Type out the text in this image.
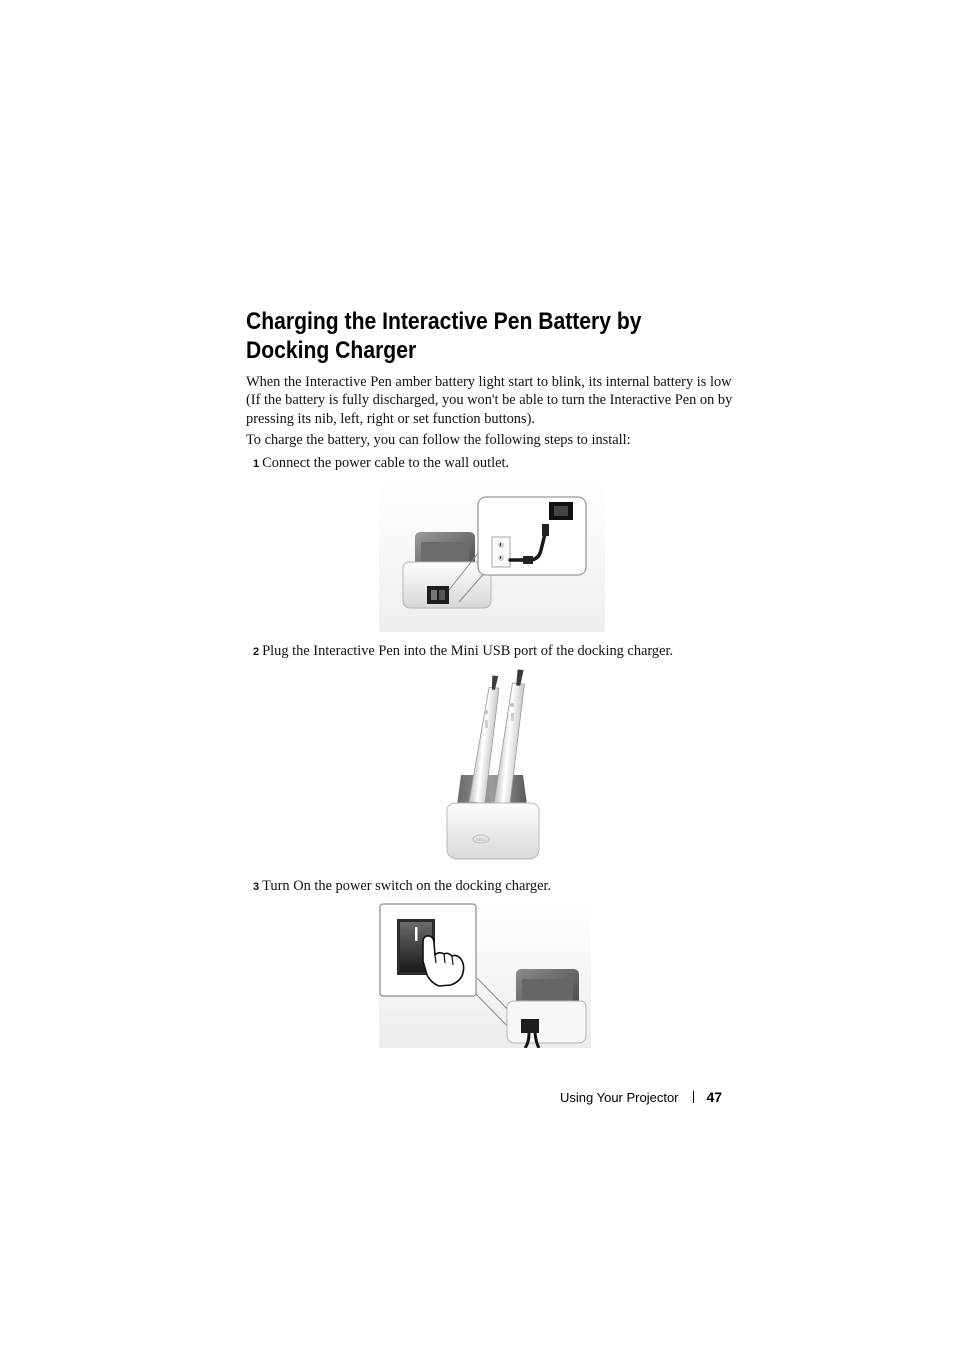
Charging the Interactive Pen Battery by
Docking Charger
When the Interactive Pen amber battery light start to blink, its internal battery is low (If the battery is fully discharged, you won't be able to turn the Interactive Pen on by pressing its nib, left, right or set function buttons).
To charge the battery, you can follow the following steps to install:
1 Connect the power cable to the wall outlet.
2 Plug the Interactive Pen into the Mini USB port of the docking charger.
DELL
3 Turn On the power switch on the docking charger.
Using Your Projector 47
